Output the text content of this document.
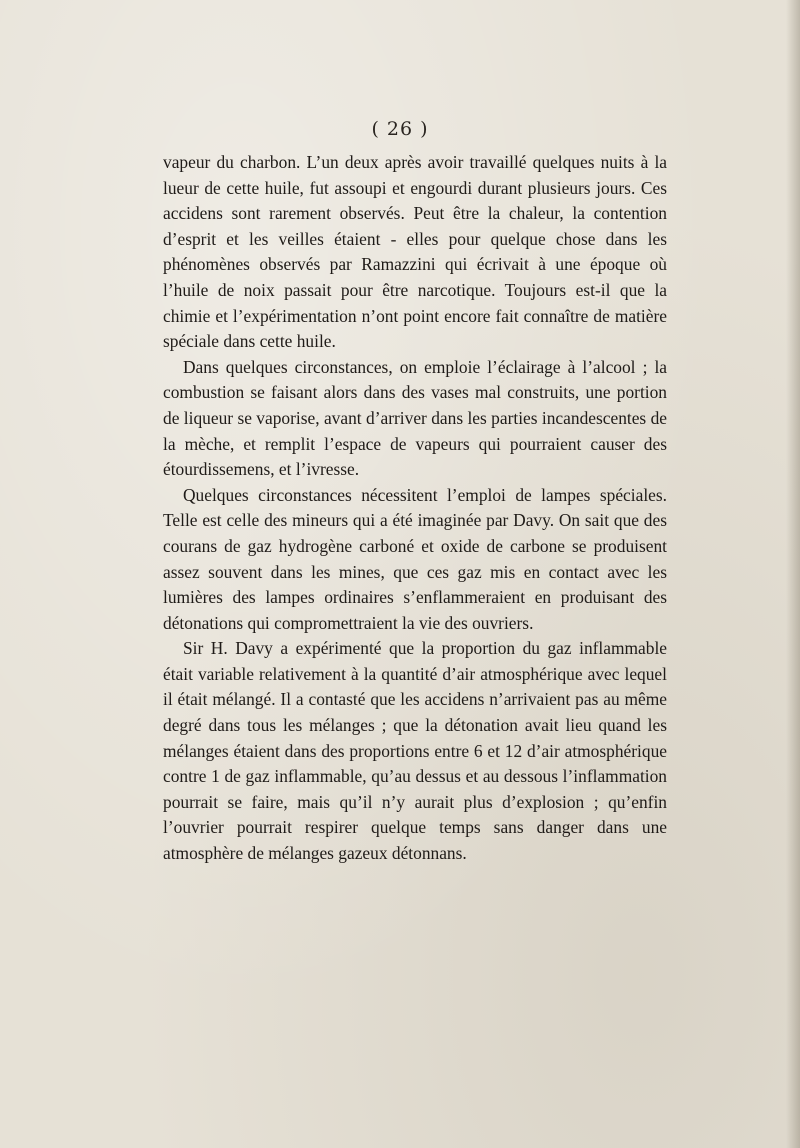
( 26 )

vapeur du charbon. L’un deux après avoir travaillé quelques nuits à la lueur de cette huile, fut assoupi et engourdi durant plusieurs jours. Ces accidens sont rarement observés. Peut être la chaleur, la contention d’esprit et les veilles étaient - elles pour quelque chose dans les phénomènes observés par Ramazzini qui écrivait à une époque où l’huile de noix passait pour être narcotique. Toujours est-il que la chimie et l’expérimentation n’ont point encore fait connaître de matière spéciale dans cette huile.

Dans quelques circonstances, on emploie l’éclairage à l’alcool ; la combustion se faisant alors dans des vases mal construits, une portion de liqueur se vaporise, avant d’arriver dans les parties incandescentes de la mèche, et remplit l’espace de vapeurs qui pourraient causer des étourdissemens, et l’ivresse.

Quelques circonstances nécessitent l’emploi de lampes spéciales. Telle est celle des mineurs qui a été imaginée par Davy. On sait que des courans de gaz hydrogène carboné et oxide de carbone se produisent assez souvent dans les mines, que ces gaz mis en contact avec les lumières des lampes ordinaires s’enflammeraient en produisant des détonations qui compromettraient la vie des ouvriers.

Sir H. Davy a expérimenté que la proportion du gaz inflammable était variable relativement à la quantité d’air atmosphérique avec lequel il était mélangé. Il a contasté que les accidens n’arrivaient pas au même degré dans tous les mélanges ; que la détonation avait lieu quand les mélanges étaient dans des proportions entre 6 et 12 d’air atmosphérique contre 1 de gaz inflammable, qu’au dessus et au dessous l’inflammation pourrait se faire, mais qu’il n’y aurait plus d’explosion ; qu’enfin l’ouvrier pourrait respirer quelque temps sans danger dans une atmosphère de mélanges gazeux détonnans.
